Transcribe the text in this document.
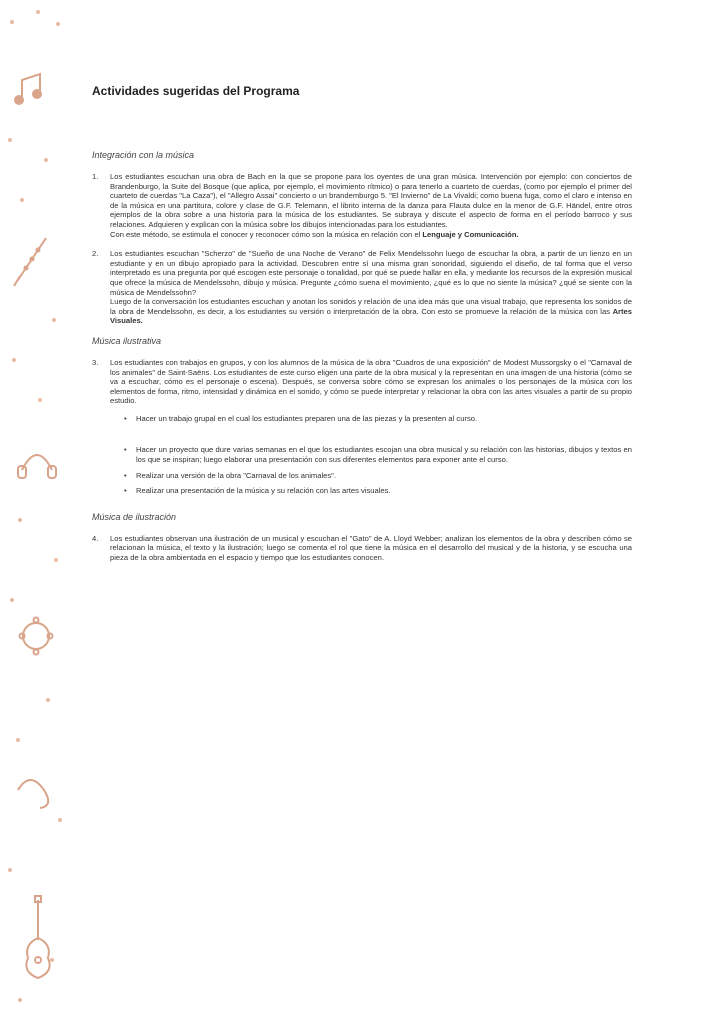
Actividades sugeridas del Programa
Integración con la música
1.	Los estudiantes escuchan una obra de Bach en la que se propone para los oyentes de una gran música. Intervención por ejemplo: con conciertos de Brandenburgo, la Suite del Bosque (que aplica, por ejemplo, el movimiento rítmico) o para tenerlo a cuarteto de cuerdas, (como por ejemplo el primer del cuarteto de cuerdas "La Caza"), el "Allegro Assai" concierto o un brandemburgo 5. "El Invierno" de La Vivaldi; como buena fuga, como el claro e intenso en de la música en una partitura, colore y clase de G.F. Telemann, el librito interna de la danza para Flauta dulce en la menor de G.F. Händel, entre otros ejemplos de la obra sobre a una historia para la música de los estudiantes. Se subraya y discute el aspecto de forma en el período barroco y sus relaciones. Adquieren y explican con la música sobre los dibujos intencionadas para los estudiantes.

Con este método, se estimula el conocer y reconocer cómo son la música en relación con el Lenguaje y Comunicación.

2.	Los estudiantes escuchan "Scherzo" de "Sueño de una Noche de Verano" de Felix Mendelssohn luego de escuchar la obra, a partir de un lienzo en un estudiante y en un dibujo apropiado para la actividad. Descubren entre sí una misma gran sonoridad, siguiendo el diseño, de tal forma que el verso interpretado es una pregunta por qué escogen este personaje o tonalidad, por qué se puede hallar en ella, y mediante los recursos de la expresión musical que ofrece la música de Mendelssohn, dibujo y música. Pregunte ¿cómo suena el movimiento, ¿qué es lo que no siente la música? ¿qué se siente con la música de Mendelssohn?

Luego de la conversación los estudiantes escuchan y anotan los sonidos y relación de una idea más que una visual trabajo, que representa los sonidos de la obra de Mendelssohn, es decir, a los estudiantes su versión o interpretación de la obra. Con esto se promueve la relación de la música con las Artes Visuales.

Música ilustrativa
3.	Los estudiantes con trabajos en grupos, y con los alumnos de la música de la obra "Cuadros de una exposición" de Modest Mussorgsky o el "Carnaval de los animales" de Saint-Saëns. Los estudiantes de este curso eligen una parte de la obra musical y la representan en una imagen de una historia (cómo se va a escuchar, cómo es el personaje o escena). Después, se conversa sobre cómo se expresan los animales o los personajes de la música con los elementos de forma, ritmo, intensidad y dinámica en el sonido, y cómo se puede interpretar y relacionar la obra con las artes visuales a partir de su propio estudio.

•	Hacer un trabajo grupal en el cual los estudiantes preparen una de las piezas y la presenten al curso.
•	Hacer un proyecto que dure varias semanas en el que los estudiantes escojan una obra musical y su relación con las historias, dibujos y textos en los que se inspiran; luego elaborar una presentación con sus diferentes elementos para exponer ante el curso.
•	Realizar una versión de la obra "Carnaval de los animales".
•	Realizar una presentación de la música y su relación con las artes visuales.
Música de ilustración
4.	Los estudiantes observan una ilustración de un musical y escuchan el "Gato" de A. Lloyd Webber; analizan los elementos de la obra y describen cómo se relacionan la música, el texto y la ilustración; luego se comenta el rol que tiene la música en el desarrollo del musical y de la historia, y se escucha una pieza de la obra ambientada en el espacio y tiempo que los estudiantes conocen.
